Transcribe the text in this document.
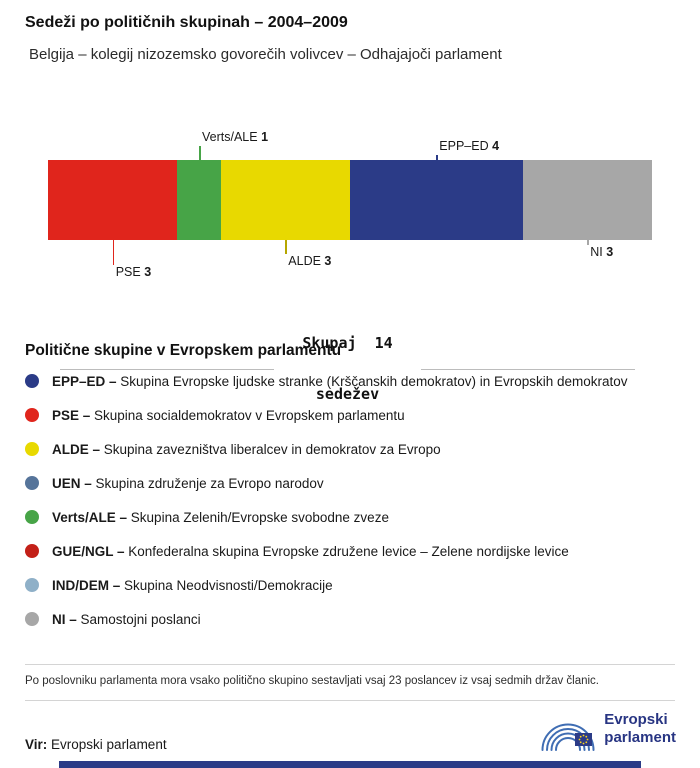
Sedeži po političnih skupinah – 2004–2009
Belgija – kolegij nizozemsko govorečih volivcev – Odhajajoči parlament
PSE 3
Verts/ALE 1
ALDE 3
EPP–ED 4
NI 3

Skupaj  14

sedežev

Politične skupine v Evropskem parlamentu
EPP–ED – Skupina Evropske ljudske stranke (Krščanskih demokratov) in Evropskih demokratov
PSE – Skupina socialdemokratov v Evropskem parlamentu
ALDE – Skupina zavezništva liberalcev in demokratov za Evropo
UEN – Skupina združenje za Evropo narodov
Verts/ALE – Skupina Zelenih/Evropske svobodne zveze
GUE/NGL – Konfederalna skupina Evropske združene levice – Zelene nordijske levice
IND/DEM – Skupina Neodvisnosti/Demokracije
NI – Samostojni poslanci
Po poslovniku parlamenta mora vsako politično skupino sestavljati vsaj 23 poslancev iz vsaj sedmih držav članic.
Vir: Evropski parlament
Evropski
parlament
